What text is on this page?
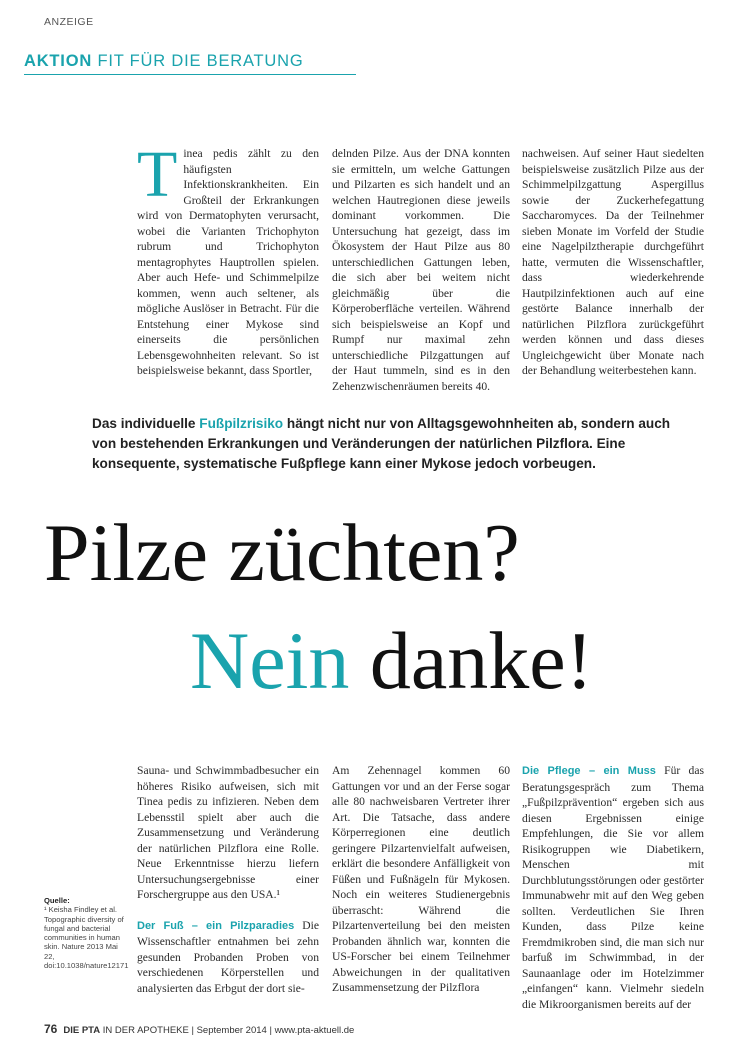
ANZEIGE
AKTION FIT FÜR DIE BERATUNG
T inea pedis zählt zu den häufigsten Infektionskrankheiten. Ein Großteil der Erkrankungen wird von Dermatophyten verursacht, wobei die Varianten Trichophyton rubrum und Trichophyton mentagrophytes Hauptrollen spielen. Aber auch Hefe- und Schimmelpilze kommen, wenn auch seltener, als mögliche Auslöser in Betracht. Für die Entstehung einer Mykose sind einerseits die persönlichen Lebensgewohnheiten relevant. So ist beispielsweise bekannt, dass Sportler,
delnden Pilze. Aus der DNA konnten sie ermitteln, um welche Gattungen und Pilzarten es sich handelt und an welchen Hautregionen diese jeweils dominant vorkommen. Die Untersuchung hat gezeigt, dass im Ökosystem der Haut Pilze aus 80 unterschiedlichen Gattungen leben, die sich aber bei weitem nicht gleichmäßig über die Körperoberfläche verteilen. Während sich beispielsweise an Kopf und Rumpf nur maximal zehn unterschiedliche Pilzgattungen auf der Haut tummeln, sind es in den Zehenzwischenräumen bereits 40.
nachweisen. Auf seiner Haut siedelten beispielsweise zusätzlich Pilze aus der Schimmelpilzgattung Aspergillus sowie der Zuckerhefegattung Saccharomyces. Da der Teilnehmer sieben Monate im Vorfeld der Studie eine Nagelpilztherapie durchgeführt hatte, vermuten die Wissenschaftler, dass wiederkehrende Hautpilzinfektionen auch auf eine gestörte Balance innerhalb der natürlichen Pilzflora zurückgeführt werden können und dass dieses Ungleichgewicht über Monate nach der Behandlung weiterbestehen kann.
Das individuelle Fußpilzrisiko hängt nicht nur von Alltagsgewohnheiten ab, sondern auch von bestehenden Erkrankungen und Veränderungen der natürlichen Pilzflora. Eine konsequente, systematische Fußpflege kann einer Mykose jedoch vorbeugen.
Pilze züchten?
Nein danke!
Sauna- und Schwimmbadbesucher ein höheres Risiko aufweisen, sich mit Tinea pedis zu infizieren. Neben dem Lebensstil spielt aber auch die Zusammensetzung und Veränderung der natürlichen Pilzflora eine Rolle. Neue Erkenntnisse hierzu liefern Untersuchungsergebnisse einer Forschergruppe aus den USA.¹
Der Fuß – ein Pilzparadies Die Wissenschaftler entnahmen bei zehn gesunden Probanden Proben von verschiedenen Körperstellen und analysierten das Erbgut der dort sie-
Am Zehennagel kommen 60 Gattungen vor und an der Ferse sogar alle 80 nachweisbaren Vertreter ihrer Art. Die Tatsache, dass andere Körperregionen eine deutlich geringere Pilzartenvielfalt aufweisen, erklärt die besondere Anfälligkeit von Füßen und Fußnägeln für Mykosen. Noch ein weiteres Studienergebnis überrascht: Während die Pilzartenverteilung bei den meisten Probanden ähnlich war, konnten die US-Forscher bei einem Teilnehmer Abweichungen in der qualitativen Zusammensetzung der Pilzflora
Die Pflege – ein Muss Für das Beratungsgespräch zum Thema „Fußpilzprävention“ ergeben sich aus diesen Ergebnissen einige Empfehlungen, die Sie vor allem Risikogruppen wie Diabetikern, Menschen mit Durchblutungsstörungen oder gestörter Immunabwehr mit auf den Weg geben sollten. Verdeutlichen Sie Ihren Kunden, dass Pilze keine Fremdmikroben sind, die man sich nur barfuß im Schwimmbad, in der Saunaanlage oder im Hotelzimmer „einfangen“ kann. Vielmehr siedeln die Mikroorganismen bereits auf der
Quelle:
¹ Keisha Findley et al. Topographic diversity of fungal and bacterial communities in human skin. Nature 2013 Mai 22, doi:10.1038/nature12171
76 DIE PTA IN DER APOTHEKE | September 2014 | www.pta-aktuell.de
